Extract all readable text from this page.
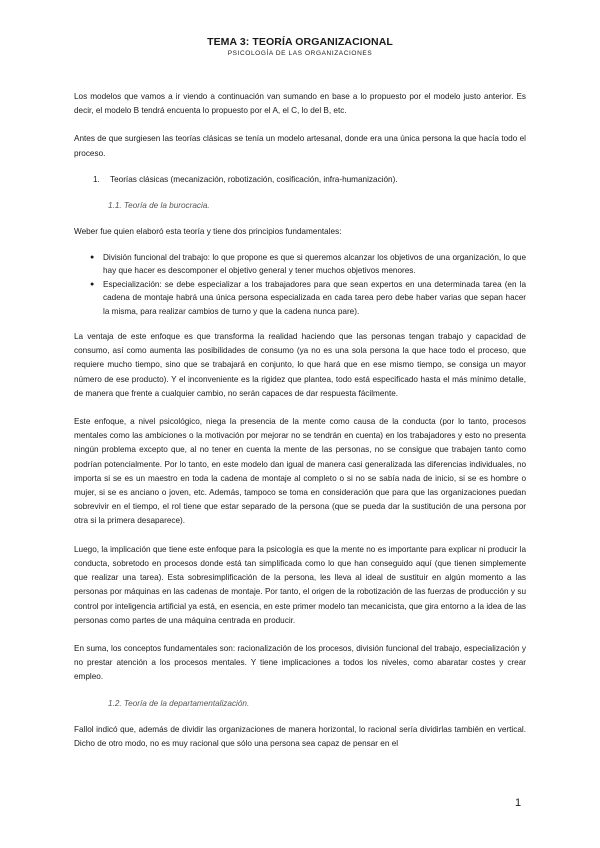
TEMA 3: TEORÍA ORGANIZACIONAL
PSICOLOGÍA DE LAS ORGANIZACIONES

Los modelos que vamos a ir viendo a continuación van sumando en base a lo propuesto por el modelo justo anterior. Es decir, el modelo B tendrá encuenta lo propuesto por el A, el C, lo del B, etc.

Antes de que surgiesen las teorías clásicas se tenía un modelo artesanal, donde era una única persona la que hacía todo el proceso.

1.	Teorías clásicas (mecanización, robotización, cosificación, infra-humanización).
1.1. Teoría de la burocracia.

Weber fue quien elaboró esta teoría y tiene dos principios fundamentales:

●	División funcional del trabajo: lo que propone es que si queremos alcanzar los objetivos de una organización, lo que hay que hacer es descomponer el objetivo general y tener muchos objetivos menores.
●	Especialización: se debe especializar a los trabajadores para que sean expertos en una determinada tarea (en la cadena de montaje habrá una única persona especializada en cada tarea pero debe haber varias que sepan hacer la misma, para realizar cambios de turno y que la cadena nunca pare).

La ventaja de este enfoque es que transforma la realidad haciendo que las personas tengan trabajo y capacidad de consumo, así como aumenta las posibilidades de consumo (ya no es una sola persona la que hace todo el proceso, que requiere mucho tiempo, sino que se trabajará en conjunto, lo que hará que en ese mismo tiempo, se consiga un mayor número de ese producto). Y el inconveniente es la rigidez que plantea, todo está especificado hasta el más mínimo detalle, de manera que frente a cualquier cambio, no serán capaces de dar respuesta fácilmente.

Este enfoque, a nivel psicológico, niega la presencia de la mente como causa de la conducta (por lo tanto, procesos mentales como las ambiciones o la motivación por mejorar no se tendrán en cuenta) en los trabajadores y esto no presenta ningún problema excepto que, al no tener en cuenta la mente de las personas, no se consigue que trabajen tanto como podrían potencialmente. Por lo tanto, en este modelo dan igual de manera casi generalizada las diferencias individuales, no importa si se es un maestro en toda la cadena de montaje al completo o si no se sabía nada de inicio, si se es hombre o mujer, si se es anciano o joven, etc. Además, tampoco se toma en consideración que para que las organizaciones puedan sobrevivir en el tiempo, el rol tiene que estar separado de la persona (que se pueda dar la sustitución de una persona por otra si la primera desaparece).

Luego, la implicación que tiene este enfoque para la psicología es que la mente no es importante para explicar ni producir la conducta, sobretodo en procesos donde está tan simplificada como lo que han conseguido aquí (que tienen simplemente que realizar una tarea). Esta sobresimplificación de la persona, les lleva al ideal de sustituir en algún momento a las personas por máquinas en las cadenas de montaje. Por tanto, el origen de la robotización de las fuerzas de producción y su control por inteligencia artificial ya está, en esencia, en este primer modelo tan mecanicista, que gira entorno a la idea de las personas como partes de una máquina centrada en producir.

En suma, los conceptos fundamentales son: racionalización de los procesos, división funcional del trabajo, especialización y no prestar atención a los procesos mentales. Y tiene implicaciones a todos los niveles, como abaratar costes y crear empleo.

1.2. Teoría de la departamentalización.

Fallol indicó que, además de dividir las organizaciones de manera horizontal, lo racional sería dividirlas también en vertical. Dicho de otro modo, no es muy racional que sólo una persona sea capaz de pensar en el

1
